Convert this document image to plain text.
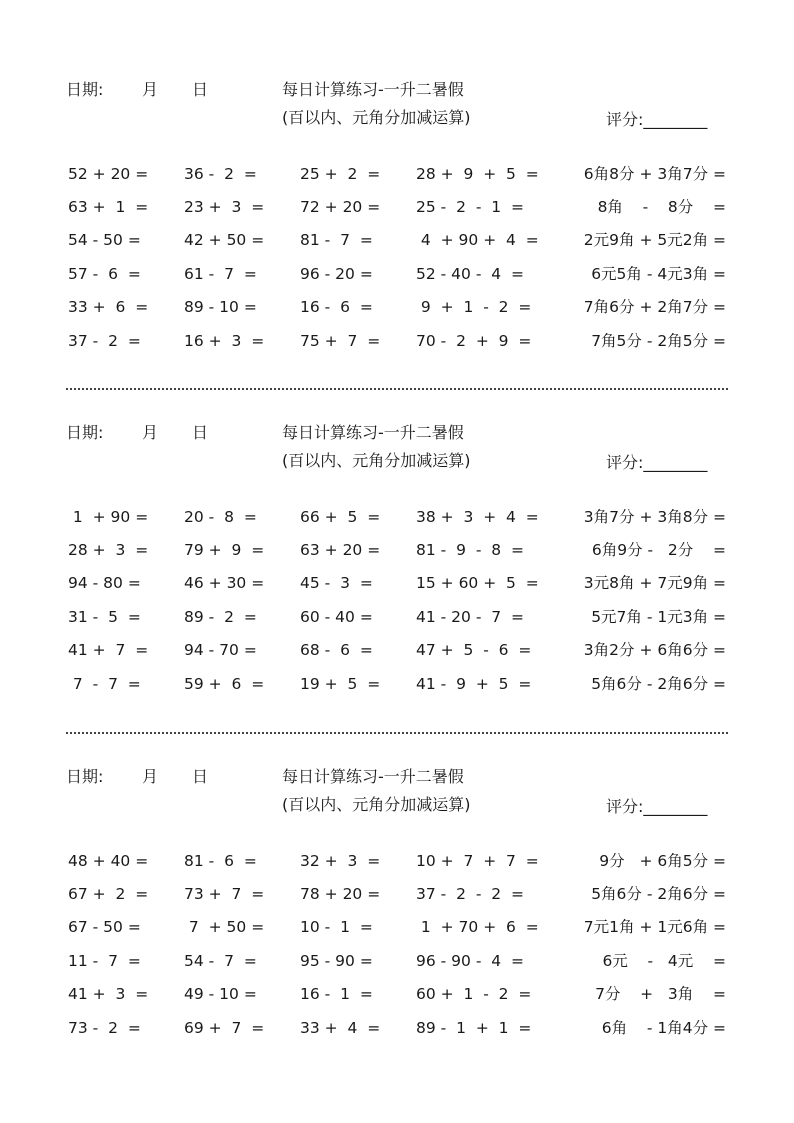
日期: 月 日	每日计算练习-一升二暑假
(百以内、元角分加减运算)	评分:________
52 + 20 = 36 -  2  =	25 +  2  = 28 +  9  +  5  =	6角8分 + 3角7分 =
63 +  1  = 23 +  3  = 72 + 20 = 25 -  2  -  1  =	8角    -    8分    =
54 - 50 =	42 + 50 = 81 -  7  =	4  + 90 +  4  =	2元9角 + 5元2角 =
57 -  6  =	61 -  7  =	96 - 20 =	52 - 40 -  4  =	6元5角 - 4元3角 =
33 +  6  = 89 - 10 =	16 -  6  =	9  +  1  -  2  =	7角6分 + 2角7分 =
37 -  2  =	16 +  3  = 75 +  7  = 70 -  2  +  9  =	7角5分 - 2角5分 =
日期: 月 日	每日计算练习-一升二暑假
(百以内、元角分加减运算)	评分:________
1  + 90 = 20 -  8  =	66 +  5  = 38 +  3  +  4  =	3角7分 + 3角8分 =
28 +  3  = 79 +  9  = 63 + 20 = 81 -  9  -  8  =	6角9分 -   2分    =
94 - 80 =	46 + 30 = 45 -  3  =	15 + 60 +  5  =	3元8角 + 7元9角 =
31 -  5  =	89 -  2  =	60 - 40 =	41 - 20 -  7  =	5元7角 - 1元3角 =
41 +  7  = 94 - 70 =	68 -  6  =	47 +  5  -  6  =	3角2分 + 6角6分 =
7  -  7  =	59 +  6  = 19 +  5  = 41 -  9  +  5  =	5角6分 - 2角6分 =
日期: 月 日	每日计算练习-一升二暑假
(百以内、元角分加减运算)	评分:________
48 + 40 = 81 -  6  =	32 +  3  = 10 +  7  +  7  =	9分   + 6角5分 =
67 +  2  = 73 +  7  = 78 + 20 = 37 -  2  -  2  =	5角6分 - 2角6分 =
67 - 50 =	7  + 50 = 10 -  1  =	1  + 70 +  6  =	7元1角 + 1元6角 =
11 -  7  =	54 -  7  =	95 - 90 =	96 - 90 -  4  =	6元    -   4元    =
41 +  3  = 49 - 10 =	16 -  1  =	60 +  1  -  2  =	7分    +   3角    =
73 -  2  =	69 +  7  = 33 +  4  = 89 -  1  +  1  =	6角    - 1角4分 =
